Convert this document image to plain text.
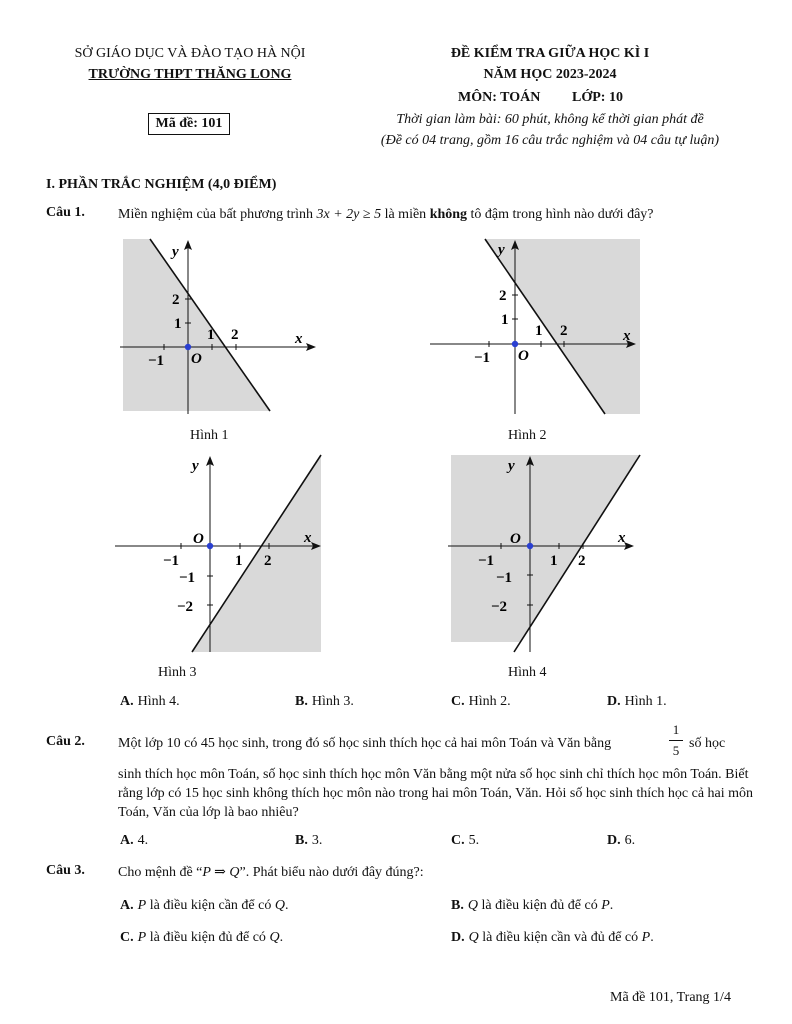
SỞ GIÁO DỤC VÀ ĐÀO TẠO HÀ NỘI
TRƯỜNG THPT THĂNG LONG
Mã đề: 101
ĐỀ KIỂM TRA GIỮA HỌC KÌ I
NĂM HỌC 2023-2024
MÔN: TOÁN LỚP: 10
Thời gian làm bài: 60 phút, không kể thời gian phát đề
(Đề có 04 trang, gồm 16 câu trắc nghiệm và 04 câu tự luận)
I. PHẦN TRẮC NGHIỆM (4,0 ĐIỂM)
Câu 1. Miền nghiệm của bất phương trình 3x + 2y ≥ 5 là miền không tô đậm trong hình nào dưới đây?
y
x
O
−1
1 2
1
2
Hình 1
y
x
O
−1
1 2
1
2
Hình 2
y
x
O
−1	1 2
−1
−2
Hình 3
y
x
O
−1	1 2
−1
−2
Hình 4
A. Hình 4.	B. Hình 3.	C. Hình 2.	D. Hình 1.
Câu 2. Một lớp 10 có 45 học sinh, trong đó số học sinh thích học cả hai môn Toán và Văn bằng
1
5 số học
sinh thích học môn Toán, số học sinh thích học môn Văn bằng một nửa số học sinh chỉ thích học môn Toán. Biết rằng lớp có 15 học sinh không thích học môn nào trong hai môn Toán, Văn. Hỏi số học sinh thích học cả hai môn Toán, Văn của lớp là bao nhiêu?
A. 4.	B. 3.	C. 5.	D. 6.
Câu 3. Cho mệnh đề “P ⇒ Q”. Phát biểu nào dưới đây đúng?:
A. P là điều kiện cần để có Q.	B. Q là điều kiện đủ để có P.
C. P là điều kiện đủ để có Q.	D. Q là điều kiện cần và đủ để có P.
Mã đề 101, Trang 1/4
